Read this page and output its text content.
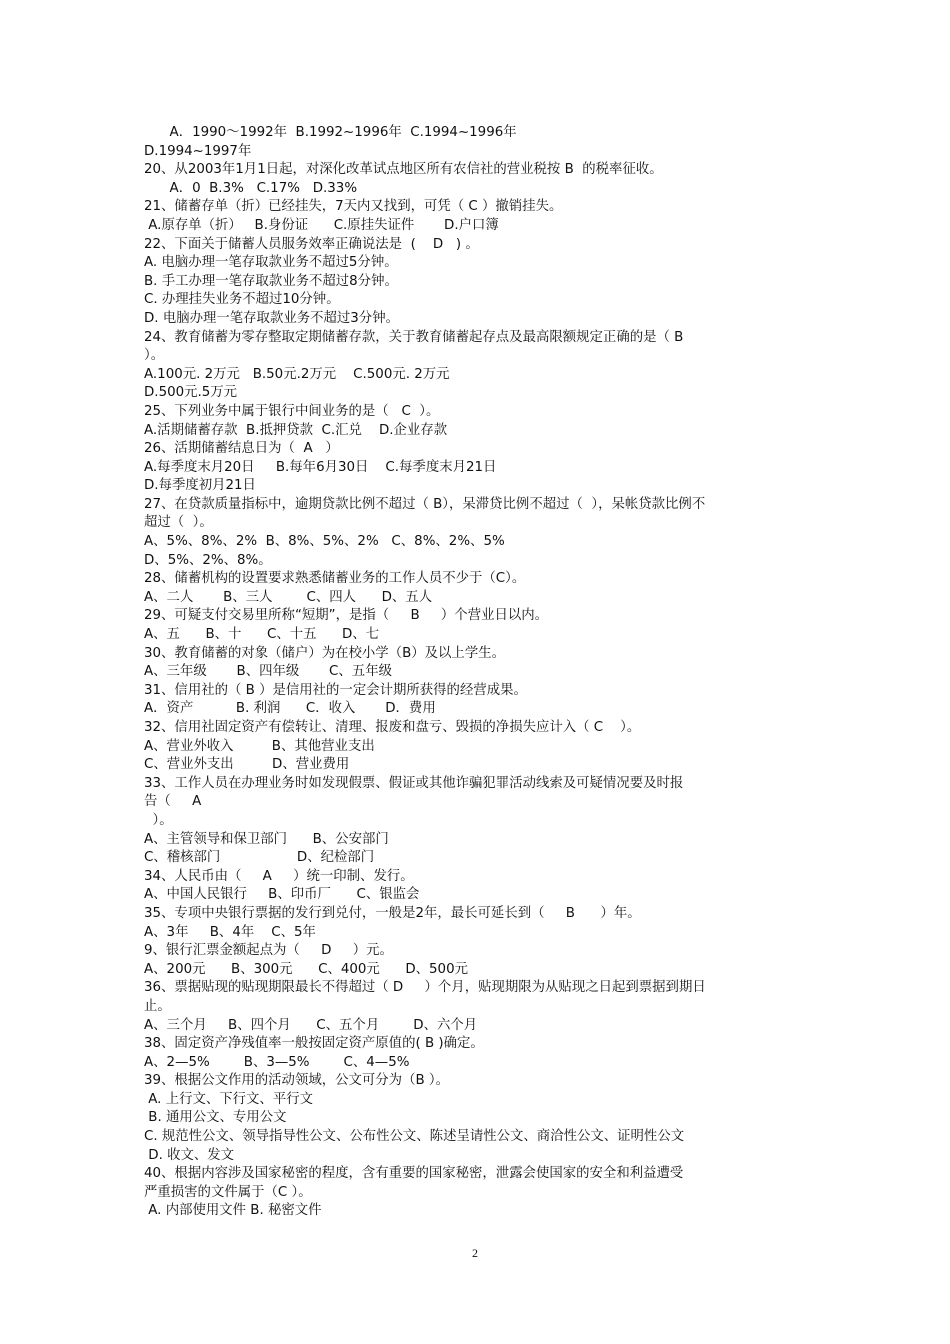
A．1990～1992年  B.1992~1996年  C.1994~1996年
D.1994~1997年
20、从2003年1月1日起，对深化改革试点地区所有农信社的营业税按 B  的税率征收。
A．0  B.3%   C.17%   D.33%
21、储蓄存单（折）已经挂失，7天内又找到，可凭（ C ）撤销挂失。
A.原存单（折）   B.身份证      C.原挂失证件       D.户口簿
22、下面关于储蓄人员服务效率正确说法是  (    D   ) 。
A. 电脑办理一笔存取款业务不超过5分钟。
B. 手工办理一笔存取款业务不超过8分钟。
C. 办理挂失业务不超过10分钟。
D. 电脑办理一笔存取款业务不超过3分钟。
24、教育储蓄为零存整取定期储蓄存款，关于教育储蓄起存点及最高限额规定正确的是（ B
）。
A.100元. 2万元   B.50元.2万元    C.500元. 2万元
D.500元.5万元
25、下列业务中属于银行中间业务的是（   C  ）。
A.活期储蓄存款  B.抵押贷款  C.汇兑    D.企业存款
26、活期储蓄结息日为（  A   ）
A.每季度末月20日     B.每年6月30日    C.每季度末月21日
D.每季度初月21日
27、在贷款质量指标中，逾期贷款比例不超过（ B），呆滞贷比例不超过（  ），呆帐贷款比例不
超过（  ）。
A、5%、8%、2%  B、8%、5%、2%   C、8%、2%、5%
D、5%、2%、8%。
28、储蓄机构的设置要求熟悉储蓄业务的工作人员不少于（C）。
A、二人       B、三人        C、四人      D、五人
29、可疑支付交易里所称“短期”，是指（     B     ）个营业日以内。
A、五      B、十      C、十五      D、七
30、教育储蓄的对象（储户）为在校小学（B）及以上学生。
A、三年级       B、四年级       C、五年级
31、信用社的（ B ）是信用社的一定会计期所获得的经营成果。
A．资产          B. 利润      C．收入       D．费用
32、信用社固定资产有偿转让、清理、报废和盘亏、毁损的净损失应计入（ C    ）。
A、营业外收入         B、其他营业支出
C、营业外支出         D、营业费用
33、工作人员在办理业务时如发现假票、假证或其他诈骗犯罪活动线索及可疑情况要及时报
告（     A
）。
A、主管领导和保卫部门      B、公安部门
C、稽核部门                  D、纪检部门
34、人民币由（     A     ）统一印制、发行。
A、中国人民银行     B、印币厂      C、银监会
35、专项中央银行票据的发行到兑付，一般是2年，最长可延长到（     B      ）年。
A、3年     B、4年    C、5年
9、银行汇票金额起点为（     D     ）元。
A、200元      B、300元      C、400元      D、500元
36、票据贴现的贴现期限最长不得超过（ D     ）个月，贴现期限为从贴现之日起到票据到期日
止。
A、三个月     B、四个月      C、五个月        D、六个月
38、固定资产净残值率一般按固定资产原值的( B )确定。
A、2—5%        B、3—5%        C、4—5%
39、根据公文作用的活动领域，公文可分为（B ）。
A. 上行文、下行文、平行文
B. 通用公文、专用公文
C. 规范性公文、领导指导性公文、公布性公文、陈述呈请性公文、商洽性公文、证明性公文
D. 收文、发文
40、根据内容涉及国家秘密的程度，含有重要的国家秘密，泄露会使国家的安全和利益遭受
严重损害的文件属于（C ）。
A. 内部使用文件 B. 秘密文件
2
